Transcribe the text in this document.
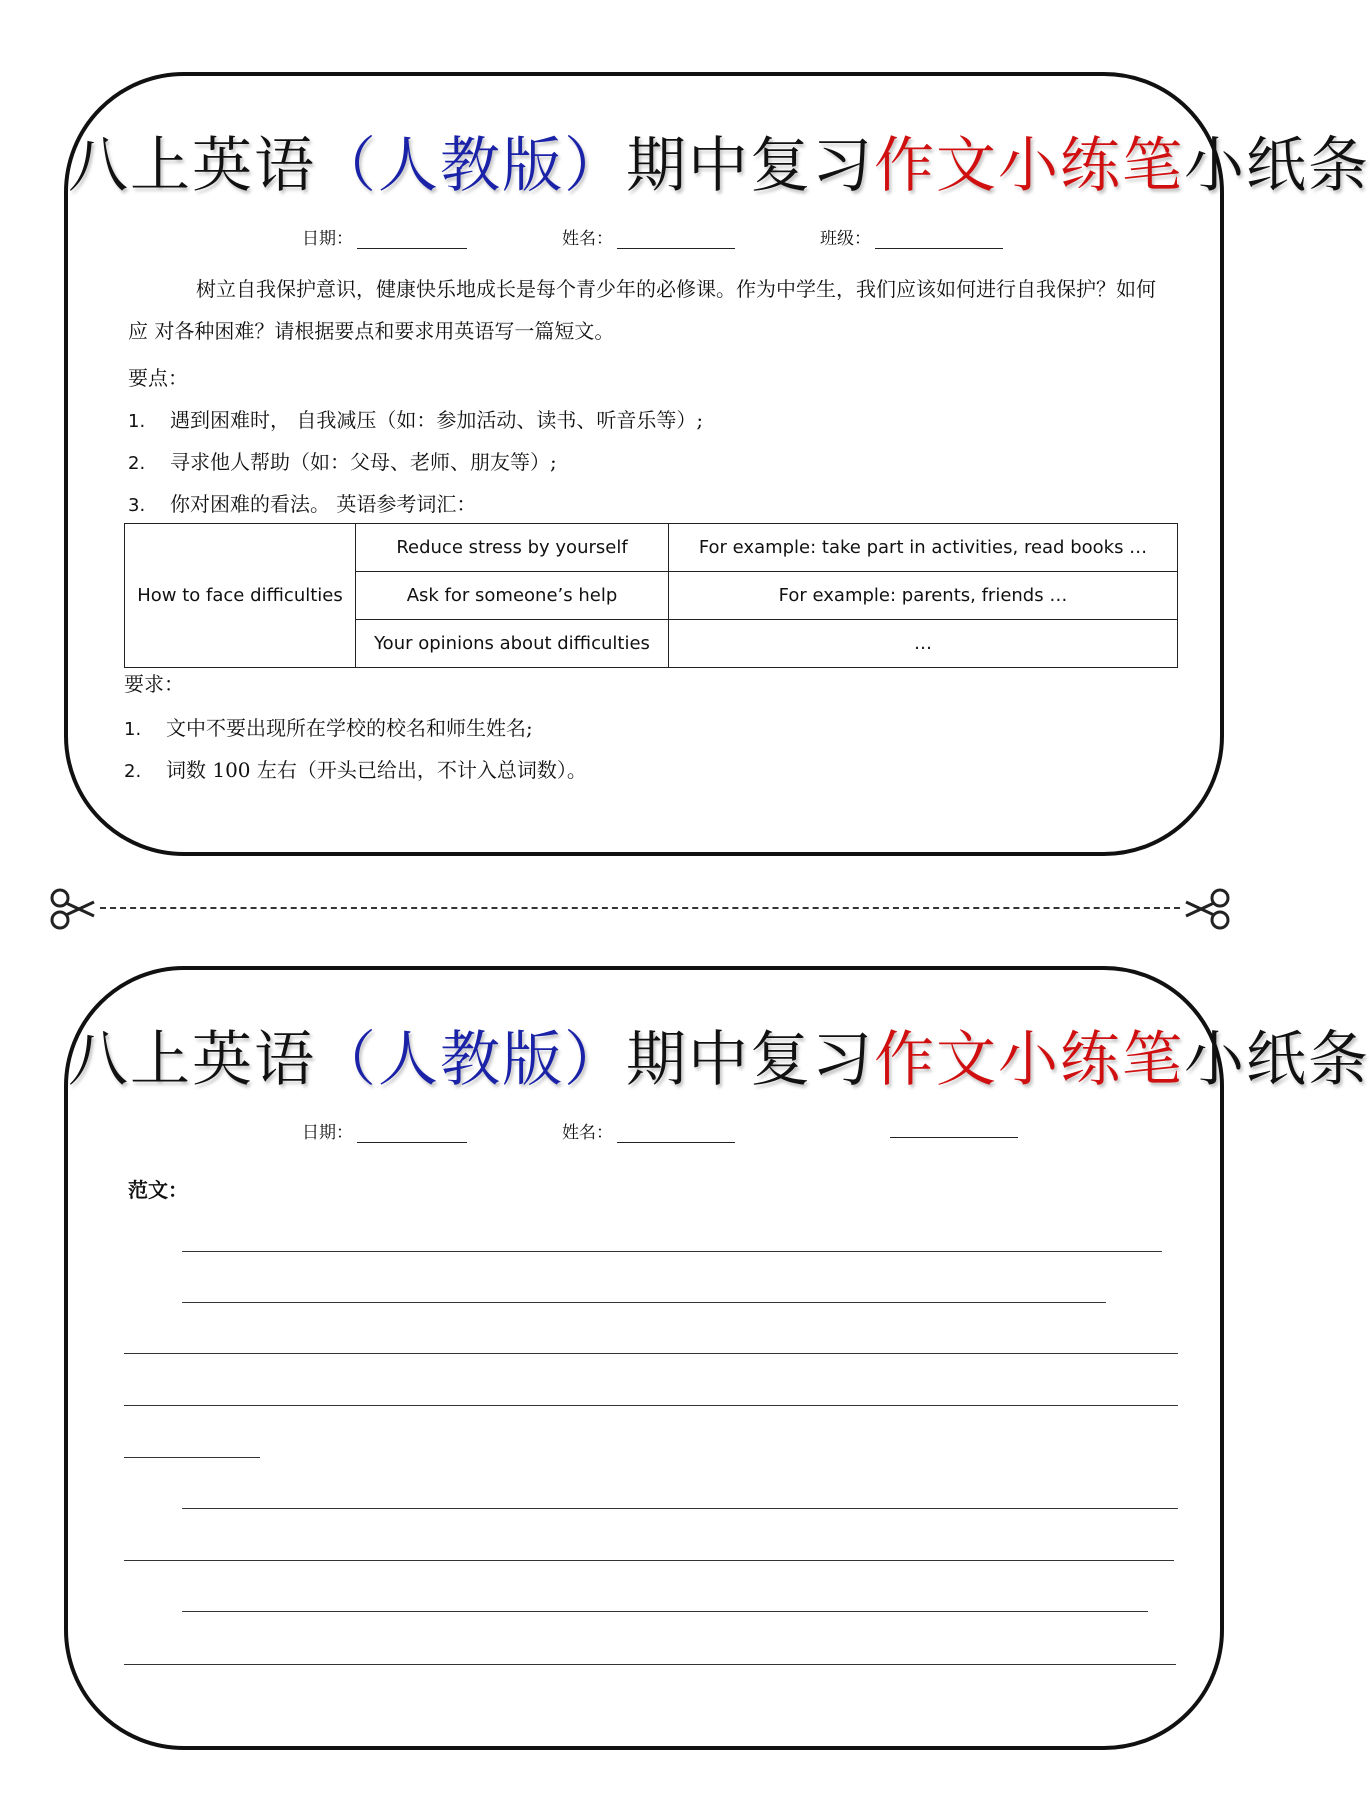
八上英语（人教版）期中复习作文小练笔小纸条
日期：	姓名：	班级：
树立自我保护意识，健康快乐地成长是每个青少年的必修课。作为中学生，我们应该如何进行自我保护？如何应 对各种困难？请根据要点和要求用英语写一篇短文。
要点：
1. 遇到困难时， 自我减压（如：参加活动、读书、听音乐等）;
2. 寻求他人帮助（如：父母、老师、朋友等）;
3. 你对困难的看法。 英语参考词汇：
How to face difficulties	Reduce stress by yourself	For example: take part in activities, read books …
	Ask for someone’s help	For example: parents, friends …
	Your opinions about difficulties	…
要求：
1. 文中不要出现所在学校的校名和师生姓名;
2. 词数 100 左右（开头已给出，不计入总词数）。
八上英语（人教版）期中复习作文小练笔小纸条
日期：	姓名：
范文：
